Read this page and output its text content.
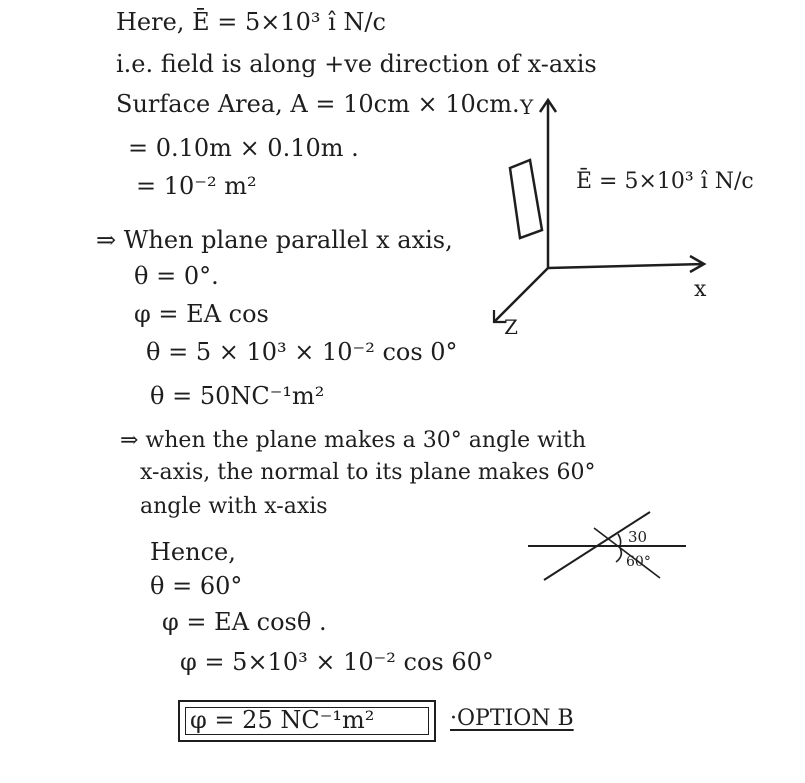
Here, Ē = 5×10³ î N/c
i.e. field is along +ve direction of x-axis
Surface Area, A = 10cm × 10cm.
= 0.10m × 0.10m .
= 10⁻² m²
⇒ When plane parallel x axis,
θ = 0°.
φ = EA cos
θ = 5 × 10³ × 10⁻² cos 0°
θ = 50NC⁻¹m²
⇒ when the plane makes a 30° angle with
x-axis, the normal to its plane makes 60°
angle with x-axis
Hence,
θ = 60°
φ = EA cosθ .
φ = 5×10³ × 10⁻² cos 60°
φ = 25 NC⁻¹m²	·OPTION B
Y
x
Z
Ē = 5×10³ î N/c
30
60°
